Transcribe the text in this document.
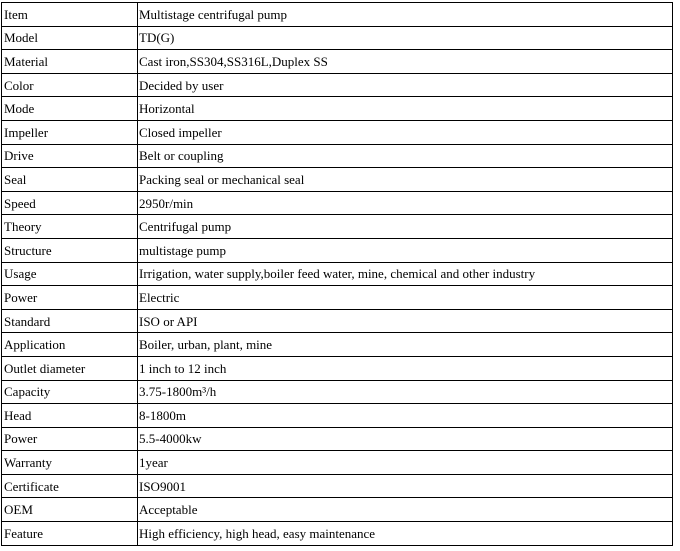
Item	Multistage centrifugal pump
Model	TD(G)
Material	Cast iron,SS304,SS316L,Duplex SS
Color	Decided by user
Mode	Horizontal
Impeller	Closed impeller
Drive	Belt or coupling
Seal	Packing seal or mechanical seal
Speed	2950r/min
Theory	Centrifugal pump
Structure	multistage pump
Usage	Irrigation, water supply,boiler feed water, mine, chemical and other industry
Power	Electric
Standard	ISO or API
Application	Boiler, urban, plant, mine
Outlet diameter	1 inch to 12 inch
Capacity	3.75-1800m³/h
Head	8-1800m
Power	5.5-4000kw
Warranty	1year
Certificate	ISO9001
OEM	Acceptable
Feature	High efficiency, high head, easy maintenance
